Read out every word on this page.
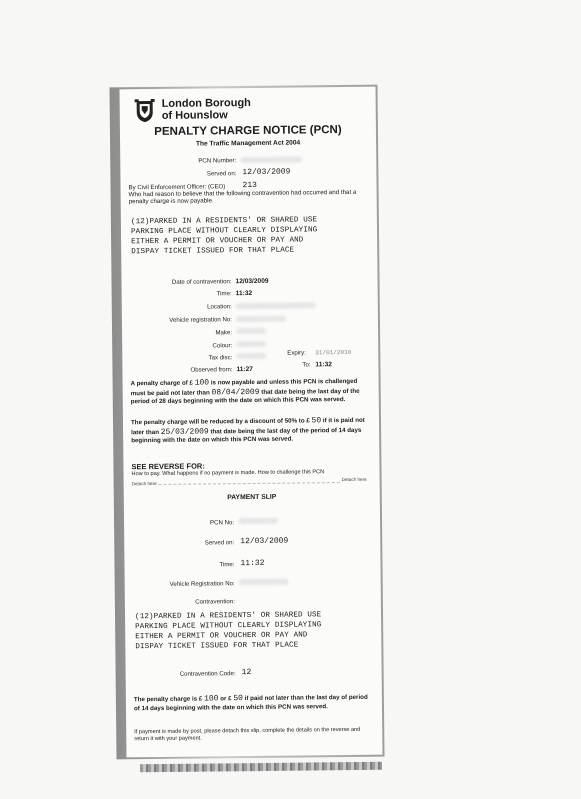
London Borough
of Hounslow
PENALTY CHARGE NOTICE (PCN)
The Traffic Management Act 2004
PCN Number:
Served on: 12/03/2009
By Civil Enforcement Officer: (CEO) 213
Who had reason to believe that the following contravention had occurred and that a penalty charge is now payable.
(12)PARKED IN A RESIDENTS' OR SHARED USE
PARKING PLACE WITHOUT CLEARLY DISPLAYING
EITHER A PERMIT OR VOUCHER OR PAY AND
DISPAY TICKET ISSUED FOR THAT PLACE
Date of contravention: 12/03/2009
Time: 11:32
Location:
Vehicle registration No:
Make:
Colour:
Tax disc:
Expiry: 31/01/2010
Observed from: 11:27
To: 11:32
A penalty charge of £ 100 is now payable and unless this PCN is challenged must be paid not later than 08/04/2009 that date being the last day of the period of 28 days beginning with the date on which this PCN was served.
The penalty charge will be reduced by a discount of 50% to £ 50 if it is paid not later than 25/03/2009 that date being the last day of the period of 14 days beginning with the date on which this PCN was served.
SEE REVERSE FOR:
How to pay. What happens if no payment is made. How to challenge this PCN
Detach here
Detach here
PAYMENT SLIP
PCN No:
Served on: 12/03/2009
Time: 11:32
Vehicle Registration No:
Contravention:
(12)PARKED IN A RESIDENTS' OR SHARED USE
PARKING PLACE WITHOUT CLEARLY DISPLAYING
EITHER A PERMIT OR VOUCHER OR PAY AND
DISPAY TICKET ISSUED FOR THAT PLACE
Contravention Code: 12
The penalty charge is £ 100 or £ 50 if paid not later than the last day of period of 14 days beginning with the date on which this PCN was served.
If payment is made by post, please detach this slip, complete the details on the reverse and return it with your payment.
